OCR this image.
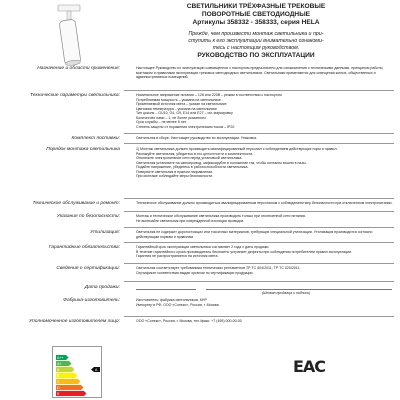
СВЕТИЛЬНИКИ ТРЁХФАЗНЫЕ ТРЕКОВЫЕ
ПОВОРОТНЫЕ СВЕТОДИОДНЫЕ
Артикулы 358332 - 358333, серия HELA
Прежде, чем произвести монтаж светильника и при-
ступить к его эксплуатации внимательно ознакоми-
тесь с настоящим руководством.
РУКОВОДСТВО ПО ЭКСПЛУАТАЦИИ
Назначение и области применения:	Настоящее Руководство по эксплуатации совмещенное с паспортом предназначено для ознакомления с техническими данными, принципом работы, монтажом и правилами эксплуатации трековых светодиодных светильников. Светильники применяются для освещения жилых, общественных и административных помещений.
Технические параметры светильника:	Номинальное напряжение питания – 128 или 220В – режим в соответствии с паспортом
Потребляемая мощность – указана на светильнике
Применяемый источник света – указан на светильнике
Цветовая температура – указана на светильнике
Тип цоколя – GU10, G4, G9, E14 или E27 – см. маркировку
Количество ламп – 1, не более указанного
Срок службы – не менее 5 лет
Степень защиты от поражения электрическим током – IP20
Комплект поставки:	Светильник в сборе. Настоящее руководство по эксплуатации. Упаковка.
Порядок монтажа светильника	1) Монтаж светильника должен производить квалифицированный персонал с соблюдением действующих норм и правил.
Распакуйте светильник, убедитесь в его целостности и комплектности.
Отключите электропитание сети перед установкой светильника.
Светильник установите на шинопровод, зафиксируйте в положение так, чтобы контакты вошли в пазы.
Подайте напряжение, убедитесь в работоспособности светильника.
Поверните светильник в нужном направлении.
При монтаже соблюдайте меры безопасности.
Техническое обслуживание и ремонт:	Техническое обслуживание должно производиться квалифицированным персоналом с соблюдением мер безопасности при отключенном электропитании.
Указания по безопасности:	Монтаж и техническое обслуживание светильника производить только при отключенной сети питания.
Не включайте светильник при поврежденной изоляции проводов.
Утилизация:	Светильник не содержит дорогостоящих или токсичных материалов, требующих специальной утилизации. Утилизация производится согласно действующим нормам и правилам.
Гарантийные обязательства:	Гарантийный срок эксплуатации светильника составляет 2 года с даты продажи.
В течение гарантийного срока производитель бесплатно устраняет дефекты при соблюдении потребителем правил эксплуатации.
Гарантия не распространяется на источник света.
Сведения о сертификации:	Светильник соответствует требованиям технических регламентов ТР ТС 004/2011, ТР ТС 020/2011.
Сертификат соответствия выдан органом по сертификации продукции.
Дата продажи:
(Штамп продавца и подпись)
Фабрика-изготовитель:	Изготовитель: фабрика светильников, КНР
Импортер в РФ: ООО «Сонекс», Россия, г. Москва
Уполномоченное изготовителем лицо:	ООО «Сонекс», Россия, г. Москва, тел./факс: +7 (495) 000-00-00
A++
A+
A	A
B
C
D
E
EAC
